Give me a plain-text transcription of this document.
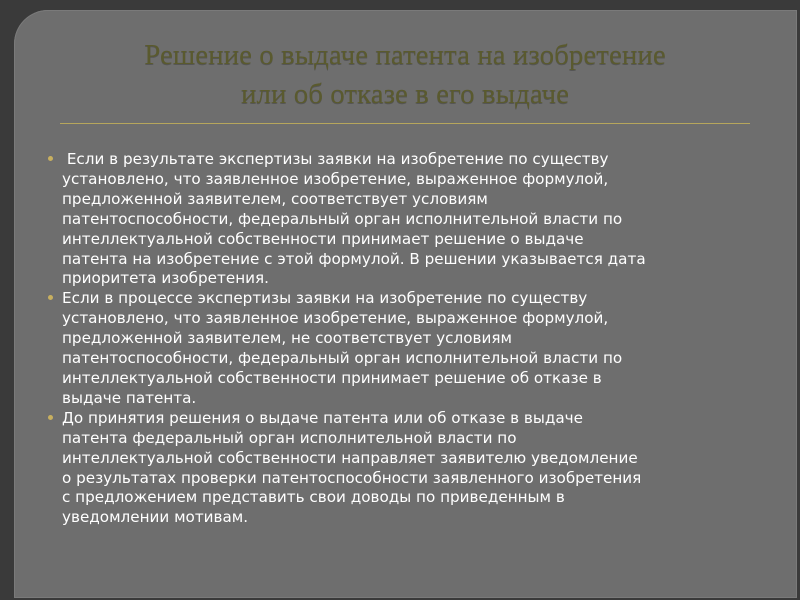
Решение о выдаче патента на изобретение
или об отказе в его выдаче
Если в результате экспертизы заявки на изобретение по существу
установлено, что заявленное изобретение, выраженное формулой,
предложенной заявителем, соответствует условиям
патентоспособности, федеральный орган исполнительной власти по
интеллектуальной собственности принимает решение о выдаче
патента на изобретение с этой формулой. В решении указывается дата
приоритета изобретения.
Если в процессе экспертизы заявки на изобретение по существу
установлено, что заявленное изобретение, выраженное формулой,
предложенной заявителем, не соответствует условиям
патентоспособности, федеральный орган исполнительной власти по
интеллектуальной собственности принимает решение об отказе в
выдаче патента.
До принятия решения о выдаче патента или об отказе в выдаче
патента федеральный орган исполнительной власти по
интеллектуальной собственности направляет заявителю уведомление
о результатах проверки патентоспособности заявленного изобретения
с предложением представить свои доводы по приведенным в
уведомлении мотивам.
